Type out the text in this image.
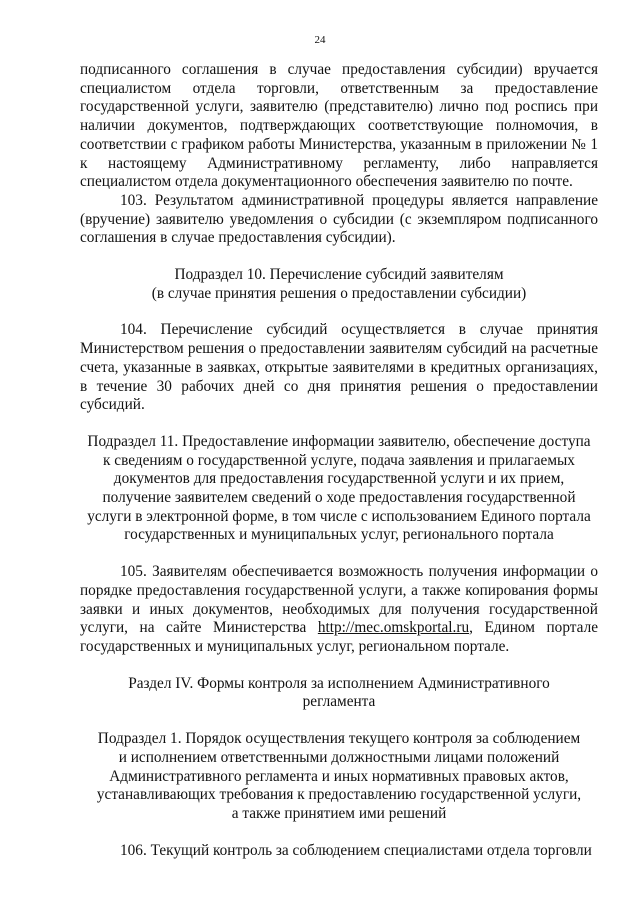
24

подписанного соглашения в случае предоставления субсидии) вручается специалистом отдела торговли, ответственным за предоставление государственной услуги, заявителю (представителю) лично под роспись при наличии документов, подтверждающих соответствующие полномочия, в соответствии с графиком работы Министерства, указанным в приложении № 1 к настоящему Административному регламенту, либо направляется специалистом отдела документационного обеспечения заявителю по почте.

103. Результатом административной процедуры является направление (вручение) заявителю уведомления о субсидии (с экземпляром подписанного соглашения в случае предоставления субсидии).

Подраздел 10. Перечисление субсидий заявителям
(в случае принятия решения о предоставлении субсидии)

104. Перечисление субсидий осуществляется в случае принятия Министерством решения о предоставлении заявителям субсидий на расчетные счета, указанные в заявках, открытые заявителями в кредитных организациях, в течение 30 рабочих дней со дня принятия решения о предоставлении субсидий.

Подраздел 11. Предоставление информации заявителю, обеспечение доступа
к сведениям о государственной услуге, подача заявления и прилагаемых
документов для предоставления государственной услуги и их прием,
получение заявителем сведений о ходе предоставления государственной
услуги в электронной форме, в том числе с использованием Единого портала
государственных и муниципальных услуг, регионального портала

105. Заявителям обеспечивается возможность получения информации о порядке предоставления государственной услуги, а также копирования формы заявки и иных документов, необходимых для получения государственной услуги, на сайте Министерства http://mec.omskportal.ru, Едином портале государственных и муниципальных услуг, региональном портале.

Раздел IV. Формы контроля за исполнением Административного
регламента
Подраздел 1. Порядок осуществления текущего контроля за соблюдением
и исполнением ответственными должностными лицами положений
Административного регламента и иных нормативных правовых актов,
устанавливающих требования к предоставлению государственной услуги,
а также принятием ими решений

106. Текущий контроль за соблюдением специалистами отдела торговли
